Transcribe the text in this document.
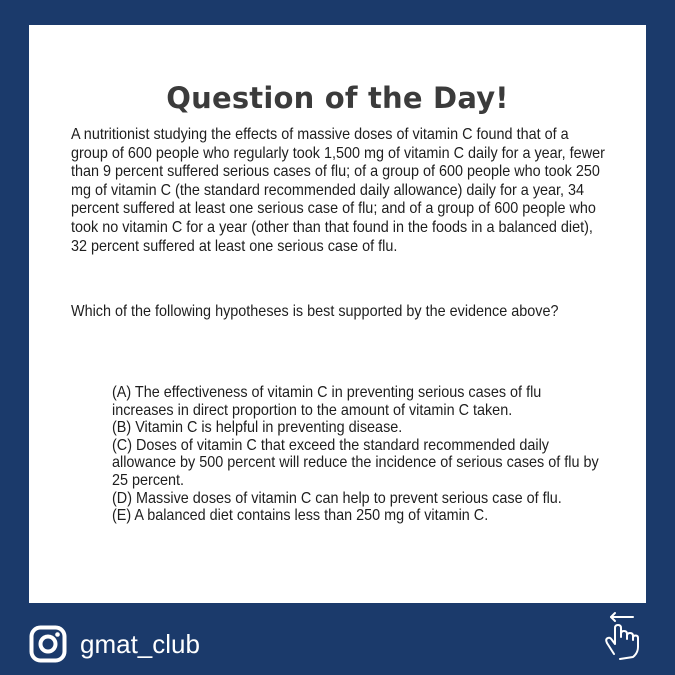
Question of the Day!
A nutritionist studying the effects of massive doses of vitamin C found that of a group of 600 people who regularly took 1,500 mg of vitamin C daily for a year, fewer than 9 percent suffered serious cases of flu; of a group of 600 people who took 250 mg of vitamin C (the standard recommended daily allowance) daily for a year, 34 percent suffered at least one serious case of flu; and of a group of 600 people who took no vitamin C for a year (other than that found in the foods in a balanced diet), 32 percent suffered at least one serious case of flu.
Which of the following hypotheses is best supported by the evidence above?

(A) The effectiveness of vitamin C in preventing serious cases of flu increases in direct proportion to the amount of vitamin C taken.

(B) Vitamin C is helpful in preventing disease.

(C) Doses of vitamin C that exceed the standard recommended daily allowance by 500 percent will reduce the incidence of serious cases of flu by 25 percent.

(D) Massive doses of vitamin C can help to prevent serious case of flu.

(E) A balanced diet contains less than 250 mg of vitamin C.

gmat_club
